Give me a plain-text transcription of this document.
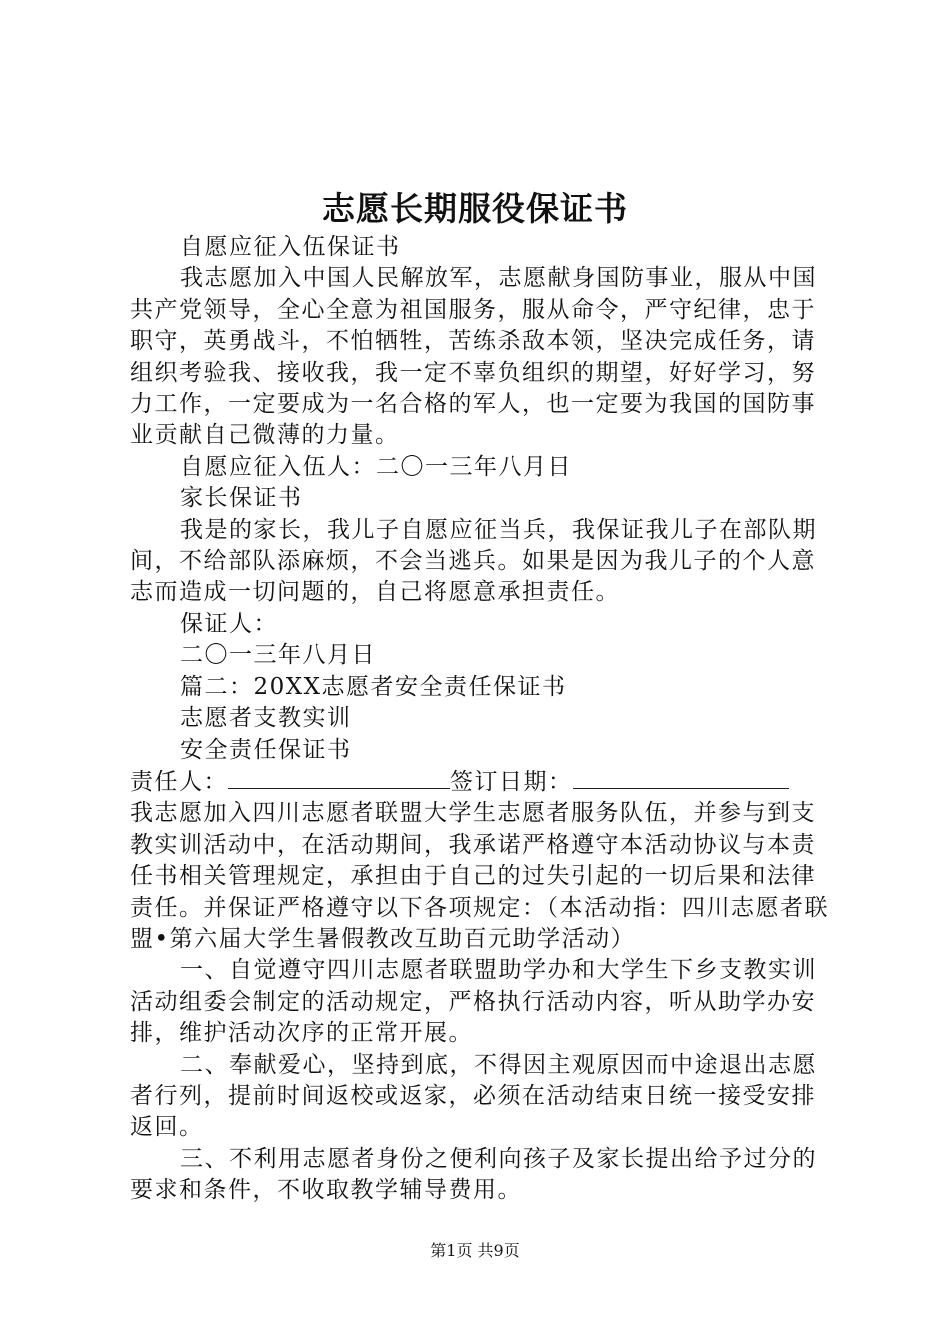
志愿长期服役保证书

自愿应征入伍保证书

我志愿加入中国人民解放军，志愿献身国防事业，服从中国共产党领导，全心全意为祖国服务，服从命令，严守纪律，忠于职守，英勇战斗，不怕牺牲，苦练杀敌本领，坚决完成任务，请组织考验我、接收我，我一定不辜负组织的期望，好好学习，努力工作，一定要成为一名合格的军人，也一定要为我国的国防事业贡献自己微薄的力量。

自愿应征入伍人：二〇一三年八月日

家长保证书

我是的家长，我儿子自愿应征当兵，我保证我儿子在部队期间，不给部队添麻烦，不会当逃兵。如果是因为我儿子的个人意志而造成一切问题的，自己将愿意承担责任。

保证人：

二〇一三年八月日

篇二：20XX志愿者安全责任保证书

志愿者支教实训

安全责任保证书

责任人：	签订日期：

我志愿加入四川志愿者联盟大学生志愿者服务队伍，并参与到支教实训活动中，在活动期间，我承诺严格遵守本活动协议与本责任书相关管理规定，承担由于自己的过失引起的一切后果和法律责任。并保证严格遵守以下各项规定：（本活动指：四川志愿者联盟•第六届大学生暑假教改互助百元助学活动）

一、自觉遵守四川志愿者联盟助学办和大学生下乡支教实训活动组委会制定的活动规定，严格执行活动内容，听从助学办安排，维护活动次序的正常开展。

二、奉献爱心，坚持到底，不得因主观原因而中途退出志愿者行列，提前时间返校或返家，必须在活动结束日统一接受安排返回。

三、不利用志愿者身份之便利向孩子及家长提出给予过分的要求和条件，不收取教学辅导费用。

第1页 共9页
